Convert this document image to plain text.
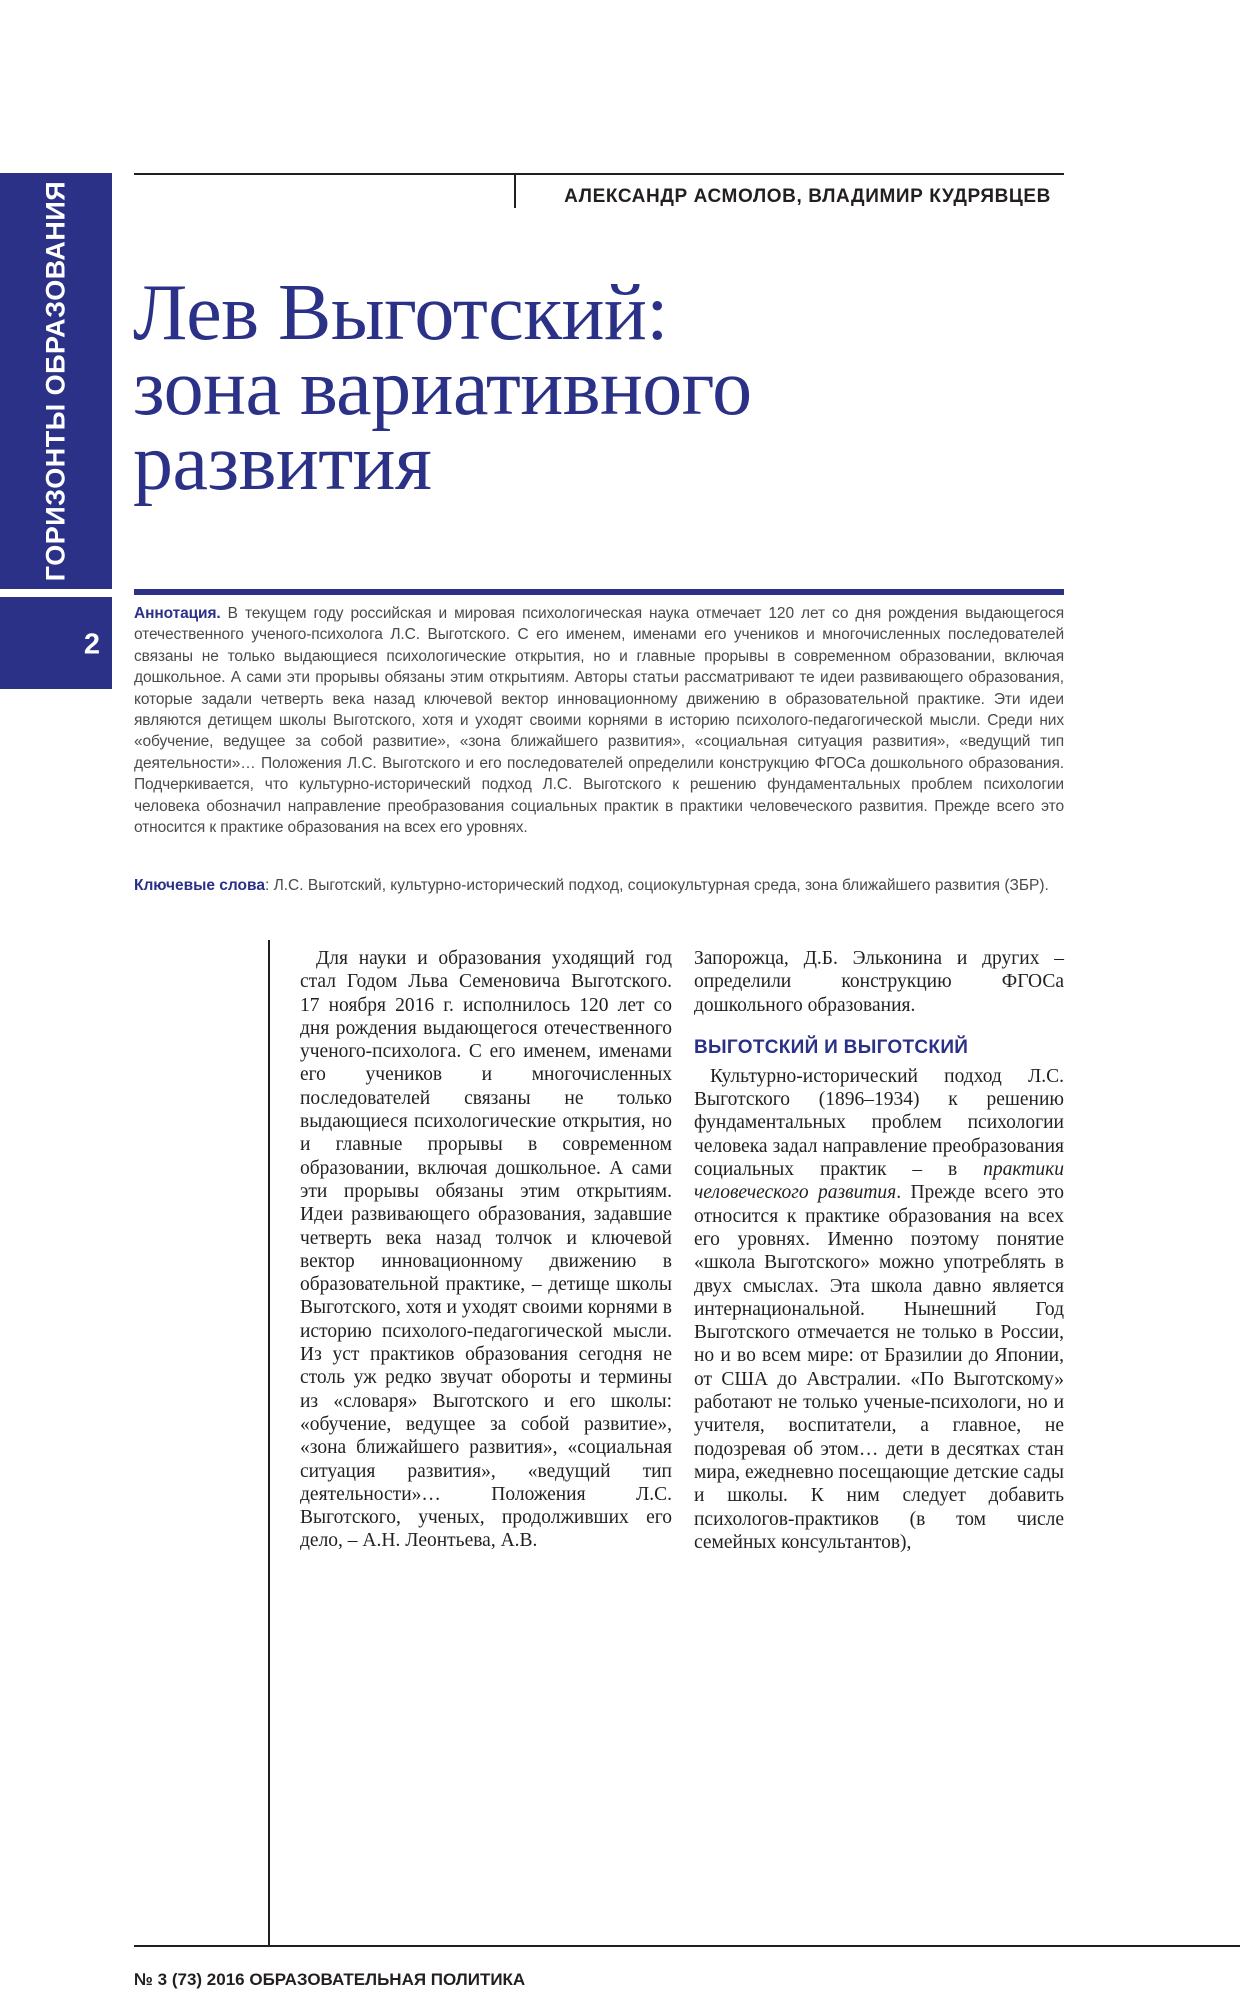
ГОРИЗОНТЫ ОБРАЗОВАНИЯ
2
АЛЕКСАНДР АСМОЛОВ, ВЛАДИМИР КУДРЯВЦЕВ
Лев Выготский:
зона вариативного
развития

Аннотация. В текущем году российская и мировая психологическая наука отмечает 120 лет со дня рождения выдающегося отечественного ученого-психолога Л.С. Выготского. С его именем, именами его учеников и многочисленных последователей связаны не только выдающиеся психологические открытия, но и главные прорывы в современном образовании, включая дошкольное. А сами эти прорывы обязаны этим открытиям. Авторы статьи рассматривают те идеи развивающего образования, которые задали четверть века назад ключевой вектор инновационному движению в образовательной практике. Эти идеи являются детищем школы Выготского, хотя и уходят своими корнями в историю психолого-педагогической мысли. Среди них «обучение, ведущее за собой развитие», «зона ближайшего развития», «социальная ситуация развития», «ведущий тип деятельности»… Положения Л.С. Выготского и его последователей определили конструкцию ФГОСа дошкольного образования. Подчеркивается, что культурно-исторический подход Л.С. Выготского к решению фундаментальных проблем психологии человека обозначил направление преобразования социальных практик в практики человеческого развития. Прежде всего это относится к практике образования на всех его уровнях.

Ключевые слова: Л.С. Выготский, культурно-исторический подход, социокультурная среда, зона ближайшего развития (ЗБР).

Для науки и образования уходящий год стал Годом Льва Семеновича Выготского. 17 ноября 2016 г. исполнилось 120 лет со дня рождения выдающегося отечественного ученого-психолога. С его именем, именами его учеников и многочисленных последователей связаны не только выдающиеся психологические открытия, но и главные прорывы в современном образовании, включая дошкольное. А сами эти прорывы обязаны этим открытиям. Идеи развивающего образования, задавшие четверть века назад толчок и ключевой вектор инновационному движению в образовательной практике, – детище школы Выготского, хотя и уходят своими корнями в историю психолого-педагогической мысли. Из уст практиков образования сегодня не столь уж редко звучат обороты и термины из «словаря» Выготского и его школы: «обучение, ведущее за собой развитие», «зона ближайшего развития», «социальная ситуация развития», «ведущий тип деятельности»… Положения Л.С. Выготского, ученых, продолживших его дело, – А.Н. Леонтьева, А.В.

Запорожца, Д.Б. Эльконина и других – определили конструкцию ФГОСа дошкольного образования.

ВЫГОТСКИЙ И ВЫГОТСКИЙ

Культурно-исторический подход Л.С. Выготского (1896–1934) к решению фундаментальных проблем психологии человека задал направление преобразования социальных практик – в практики человеческого развития. Прежде всего это относится к практике образования на всех его уровнях. Именно поэтому понятие «школа Выготского» можно употреблять в двух смыслах. Эта школа давно является интернациональной. Нынешний Год Выготского отмечается не только в России, но и во всем мире: от Бразилии до Японии, от США до Австралии. «По Выготскому» работают не только ученые-психологи, но и учителя, воспитатели, а главное, не подозревая об этом… дети в десятках стан мира, ежедневно посещающие детские сады и школы. К ним следует добавить психологов-практиков (в том числе семейных консультантов),

№ 3 (73) 2016 ОБРАЗОВАТЕЛЬНАЯ ПОЛИТИКА
